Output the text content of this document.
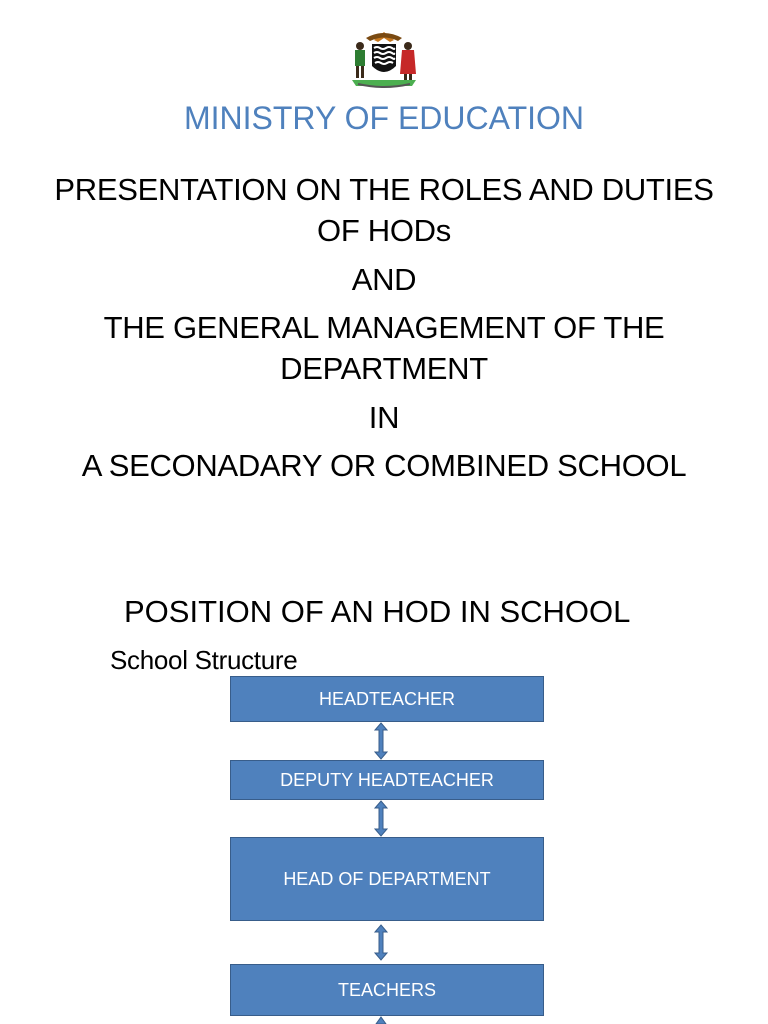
MINISTRY OF EDUCATION
PRESENTATION ON THE ROLES AND DUTIES
OF HODs
AND
THE GENERAL MANAGEMENT OF THE
DEPARTMENT
IN
A SECONADARY OR COMBINED SCHOOL
POSITION OF AN HOD IN SCHOOL
School Structure
HEADTEACHER
DEPUTY HEADTEACHER
HEAD OF DEPARTMENT
TEACHERS
